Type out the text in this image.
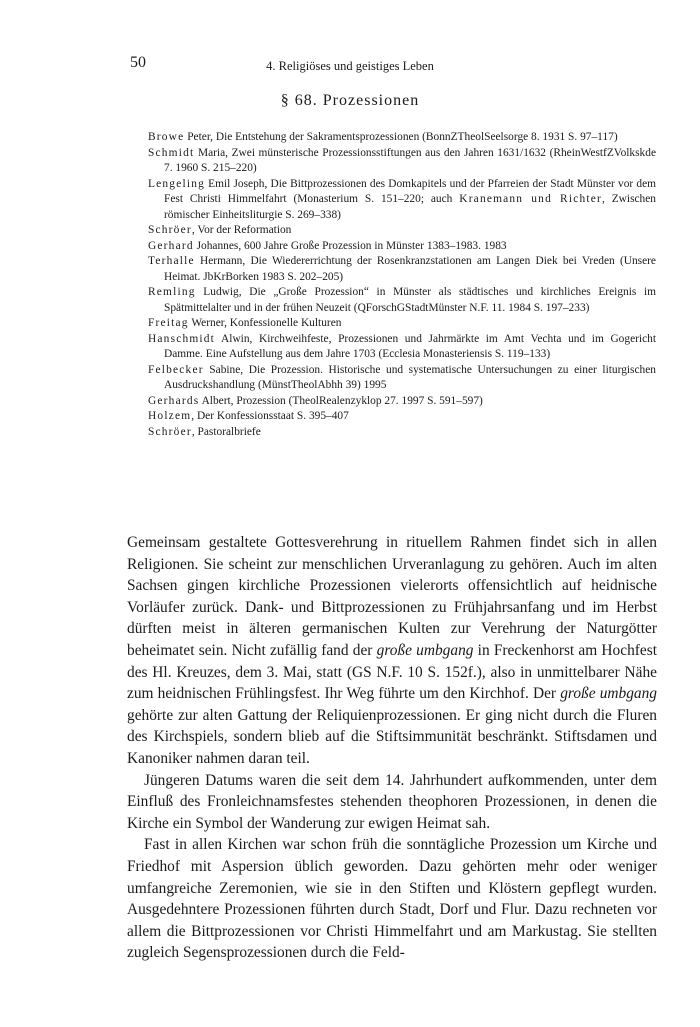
50	4. Religiöses und geistiges Leben
§ 68. Prozessionen
Browe Peter, Die Entstehung der Sakramentsprozessionen (BonnZTheolSeelsorge 8. 1931 S. 97–117)
Schmidt Maria, Zwei münsterische Prozessionsstiftungen aus den Jahren 1631/1632 (RheinWestfZVolkskde 7. 1960 S. 215–220)
Lengeling Emil Joseph, Die Bittprozessionen des Domkapitels und der Pfarreien der Stadt Münster vor dem Fest Christi Himmelfahrt (Monasterium S. 151–220; auch Kranemann und Richter, Zwischen römischer Einheitsliturgie S. 269–338)
Schröer, Vor der Reformation
Gerhard Johannes, 600 Jahre Große Prozession in Münster 1383–1983. 1983
Terhalle Hermann, Die Wiedererrichtung der Rosenkranzstationen am Langen Diek bei Vreden (Unsere Heimat. JbKrBorken 1983 S. 202–205)
Remling Ludwig, Die „Große Prozession“ in Münster als städtisches und kirchliches Ereignis im Spätmittelalter und in der frühen Neuzeit (QForschGStadtMünster N.F. 11. 1984 S. 197–233)
Freitag Werner, Konfessionelle Kulturen
Hanschmidt Alwin, Kirchweihfeste, Prozessionen und Jahrmärkte im Amt Vechta und im Gogericht Damme. Eine Aufstellung aus dem Jahre 1703 (Ecclesia Monasteriensis S. 119–133)
Felbecker Sabine, Die Prozession. Historische und systematische Untersuchungen zu einer liturgischen Ausdruckshandlung (MünstTheolAbhh 39) 1995
Gerhards Albert, Prozession (TheolRealenzyklop 27. 1997 S. 591–597)
Holzem, Der Konfessionsstaat S. 395–407
Schröer, Pastoralbriefe

Gemeinsam gestaltete Gottesverehrung in rituellem Rahmen findet sich in allen Religionen. Sie scheint zur menschlichen Urveranlagung zu gehören. Auch im alten Sachsen gingen kirchliche Prozessionen vielerorts offensichtlich auf heidnische Vorläufer zurück. Dank- und Bittprozessionen zu Frühjahrsanfang und im Herbst dürften meist in älteren germanischen Kulten zur Verehrung der Naturgötter beheimatet sein. Nicht zufällig fand der große umbgang in Freckenhorst am Hochfest des Hl. Kreuzes, dem 3. Mai, statt (GS N.F. 10 S. 152f.), also in unmittelbarer Nähe zum heidnischen Frühlingsfest. Ihr Weg führte um den Kirchhof. Der große umbgang gehörte zur alten Gattung der Reliquienprozessionen. Er ging nicht durch die Fluren des Kirchspiels, sondern blieb auf die Stiftsimmunität beschränkt. Stiftsdamen und Kanoniker nahmen daran teil.

Jüngeren Datums waren die seit dem 14. Jahrhundert aufkommenden, unter dem Einfluß des Fronleichnamsfestes stehenden theophoren Prozessionen, in denen die Kirche ein Symbol der Wanderung zur ewigen Heimat sah.

Fast in allen Kirchen war schon früh die sonntägliche Prozession um Kirche und Friedhof mit Aspersion üblich geworden. Dazu gehörten mehr oder weniger umfangreiche Zeremonien, wie sie in den Stiften und Klöstern gepflegt wurden. Ausgedehntere Prozessionen führten durch Stadt, Dorf und Flur. Dazu rechneten vor allem die Bittprozessionen vor Christi Himmelfahrt und am Markustag. Sie stellten zugleich Segensprozessionen durch die Feld-
